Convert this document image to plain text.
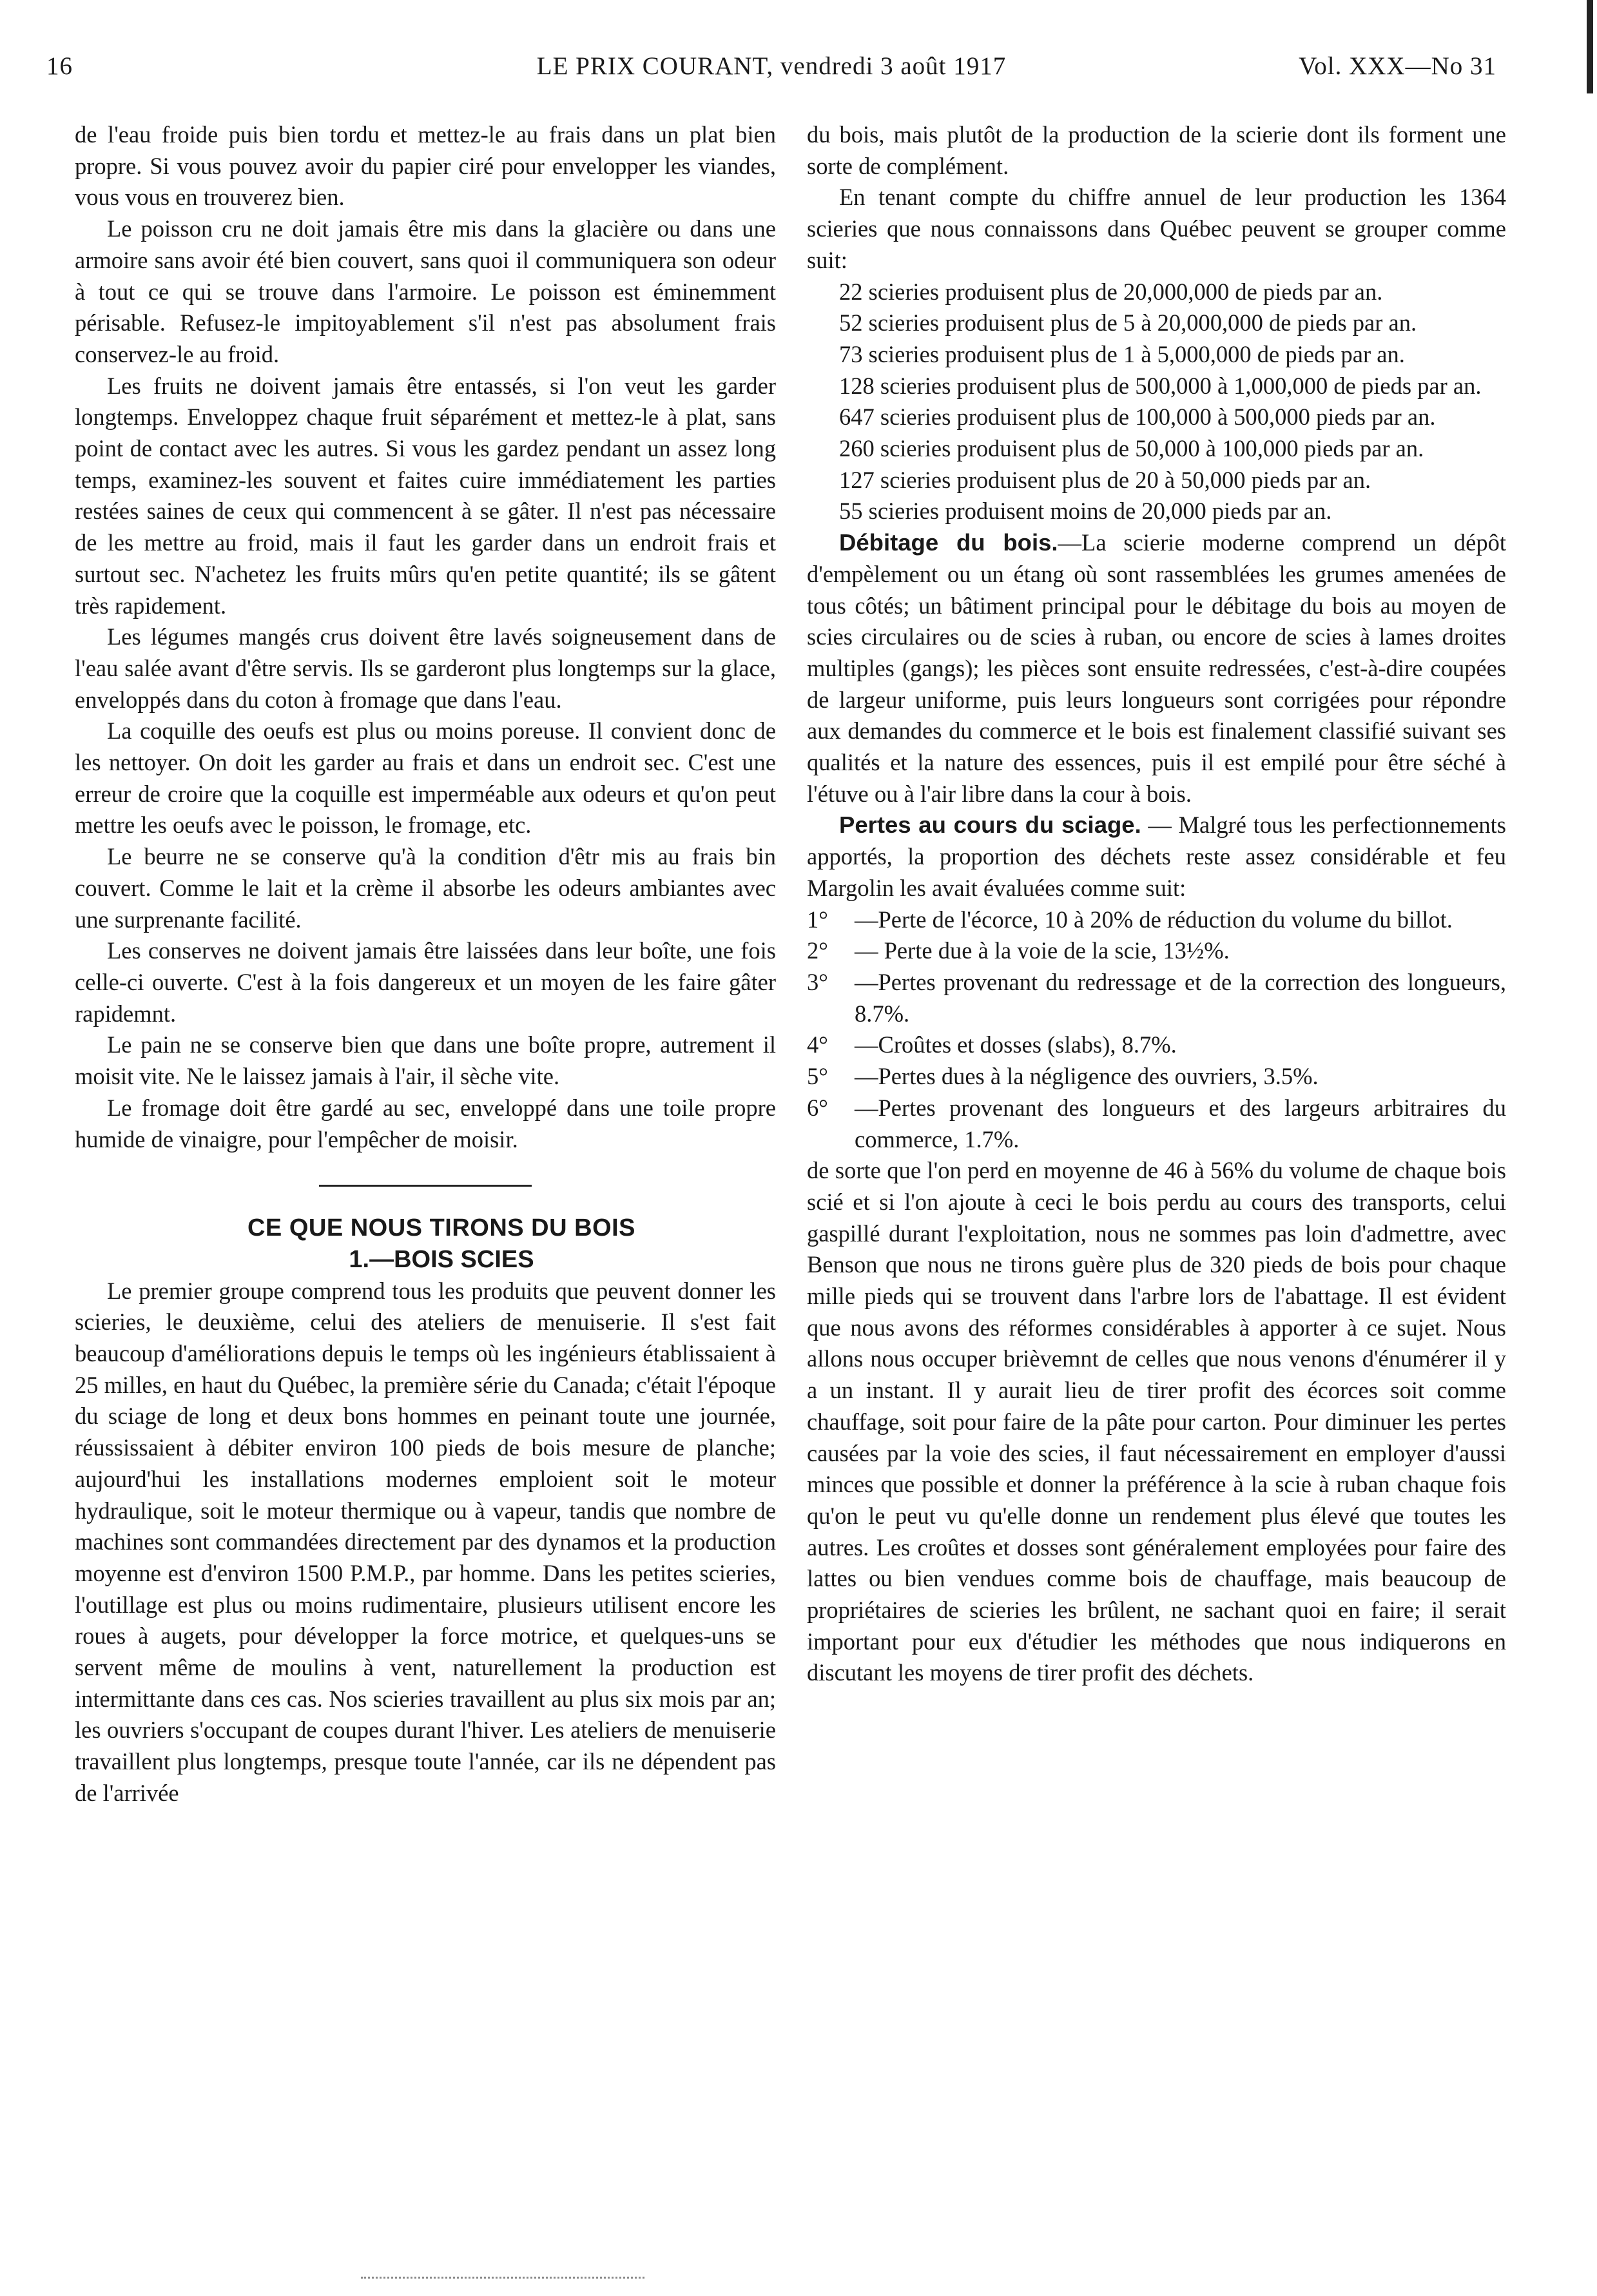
16	LE PRIX COURANT, vendredi 3 août 1917	Vol. XXX—No 31

de l'eau froide puis bien tordu et mettez-le au frais dans un plat bien propre. Si vous pouvez avoir du papier ciré pour envelopper les viandes, vous vous en trouverez bien.

Le poisson cru ne doit jamais être mis dans la glacière ou dans une armoire sans avoir été bien couvert, sans quoi il communiquera son odeur à tout ce qui se trouve dans l'armoire. Le poisson est éminemment périsable. Refusez-le impitoyablement s'il n'est pas absolument frais conservez-le au froid.

Les fruits ne doivent jamais être entassés, si l'on veut les garder longtemps. Enveloppez chaque fruit séparément et mettez-le à plat, sans point de contact avec les autres. Si vous les gardez pendant un assez long temps, examinez-les souvent et faites cuire immédiatement les parties restées saines de ceux qui commencent à se gâter. Il n'est pas nécessaire de les mettre au froid, mais il faut les garder dans un endroit frais et surtout sec. N'achetez les fruits mûrs qu'en petite quantité; ils se gâtent très rapidement.

Les légumes mangés crus doivent être lavés soigneusement dans de l'eau salée avant d'être servis. Ils se garderont plus longtemps sur la glace, enveloppés dans du coton à fromage que dans l'eau.

La coquille des oeufs est plus ou moins poreuse. Il convient donc de les nettoyer. On doit les garder au frais et dans un endroit sec. C'est une erreur de croire que la coquille est imperméable aux odeurs et qu'on peut mettre les oeufs avec le poisson, le fromage, etc.

Le beurre ne se conserve qu'à la condition d'êtr mis au frais bin couvert. Comme le lait et la crème il absorbe les odeurs ambiantes avec une surprenante facilité.

Les conserves ne doivent jamais être laissées dans leur boîte, une fois celle-ci ouverte. C'est à la fois dangereux et un moyen de les faire gâter rapidemnt.

Le pain ne se conserve bien que dans une boîte propre, autrement il moisit vite. Ne le laissez jamais à l'air, il sèche vite.

Le fromage doit être gardé au sec, enveloppé dans une toile propre humide de vinaigre, pour l'empêcher de moisir.

CE QUE NOUS TIRONS DU BOIS

1.—BOIS SCIES

Le premier groupe comprend tous les produits que peuvent donner les scieries, le deuxième, celui des ateliers de menuiserie. Il s'est fait beaucoup d'améliorations depuis le temps où les ingénieurs établissaient à 25 milles, en haut du Québec, la première série du Canada; c'était l'époque du sciage de long et deux bons hommes en peinant toute une journée, réussissaient à débiter environ 100 pieds de bois mesure de planche; aujourd'hui les installations modernes emploient soit le moteur hydraulique, soit le moteur thermique ou à vapeur, tandis que nombre de machines sont commandées directement par des dynamos et la production moyenne est d'environ 1500 P.M.P., par homme. Dans les petites scieries, l'outillage est plus ou moins rudimentaire, plusieurs utilisent encore les roues à augets, pour développer la force motrice, et quelques-uns se servent même de moulins à vent, naturellement la production est intermittante dans ces cas. Nos scieries travaillent au plus six mois par an; les ouvriers s'occupant de coupes durant l'hiver. Les ateliers de menuiserie travaillent plus longtemps, presque toute l'année, car ils ne dépendent pas de l'arrivée

du bois, mais plutôt de la production de la scierie dont ils forment une sorte de complément.

En tenant compte du chiffre annuel de leur production les 1364 scieries que nous connaissons dans Québec peuvent se grouper comme suit:

22 scieries produisent plus de 20,000,000 de pieds par an.

52 scieries produisent plus de 5 à 20,000,000 de pieds par an.

73 scieries produisent plus de 1 à 5,000,000 de pieds par an.

128 scieries produisent plus de 500,000 à 1,000,000 de pieds par an.

647 scieries produisent plus de 100,000 à 500,000 pieds par an.

260 scieries produisent plus de 50,000 à 100,000 pieds par an.

127 scieries produisent plus de 20 à 50,000 pieds par an.

55 scieries produisent moins de 20,000 pieds par an.

Débitage du bois.—La scierie moderne comprend un dépôt d'empèlement ou un étang où sont rassemblées les grumes amenées de tous côtés; un bâtiment principal pour le débitage du bois au moyen de scies circulaires ou de scies à ruban, ou encore de scies à lames droites multiples (gangs); les pièces sont ensuite redressées, c'est-à-dire coupées de largeur uniforme, puis leurs longueurs sont corrigées pour répondre aux demandes du commerce et le bois est finalement classifié suivant ses qualités et la nature des essences, puis il est empilé pour être séché à l'étuve ou à l'air libre dans la cour à bois.

Pertes au cours du sciage. — Malgré tous les perfectionnements apportés, la proportion des déchets reste assez considérable et feu Margolin les avait évaluées comme suit:

1°	—Perte de l'écorce, 10 à 20% de réduction du volume du billot.

2°	— Perte due à la voie de la scie, 13½%.

3°	—Pertes provenant du redressage et de la correction des longueurs, 8.7%.

4°	—Croûtes et dosses (slabs), 8.7%.

5°	—Pertes dues à la négligence des ouvriers, 3.5%.

6°	—Pertes provenant des longueurs et des largeurs arbitraires du commerce, 1.7%.

de sorte que l'on perd en moyenne de 46 à 56% du volume de chaque bois scié et si l'on ajoute à ceci le bois perdu au cours des transports, celui gaspillé durant l'exploitation, nous ne sommes pas loin d'admettre, avec Benson que nous ne tirons guère plus de 320 pieds de bois pour chaque mille pieds qui se trouvent dans l'arbre lors de l'abattage. Il est évident que nous avons des réformes considérables à apporter à ce sujet. Nous allons nous occuper brièvemnt de celles que nous venons d'énumérer il y a un instant. Il y aurait lieu de tirer profit des écorces soit comme chauffage, soit pour faire de la pâte pour carton. Pour diminuer les pertes causées par la voie des scies, il faut nécessairement en employer d'aussi minces que possible et donner la préférence à la scie à ruban chaque fois qu'on le peut vu qu'elle donne un rendement plus élevé que toutes les autres. Les croûtes et dosses sont généralement employées pour faire des lattes ou bien vendues comme bois de chauffage, mais beaucoup de propriétaires de scieries les brûlent, ne sachant quoi en faire; il serait important pour eux d'étudier les méthodes que nous indiquerons en discutant les moyens de tirer profit des déchets.
